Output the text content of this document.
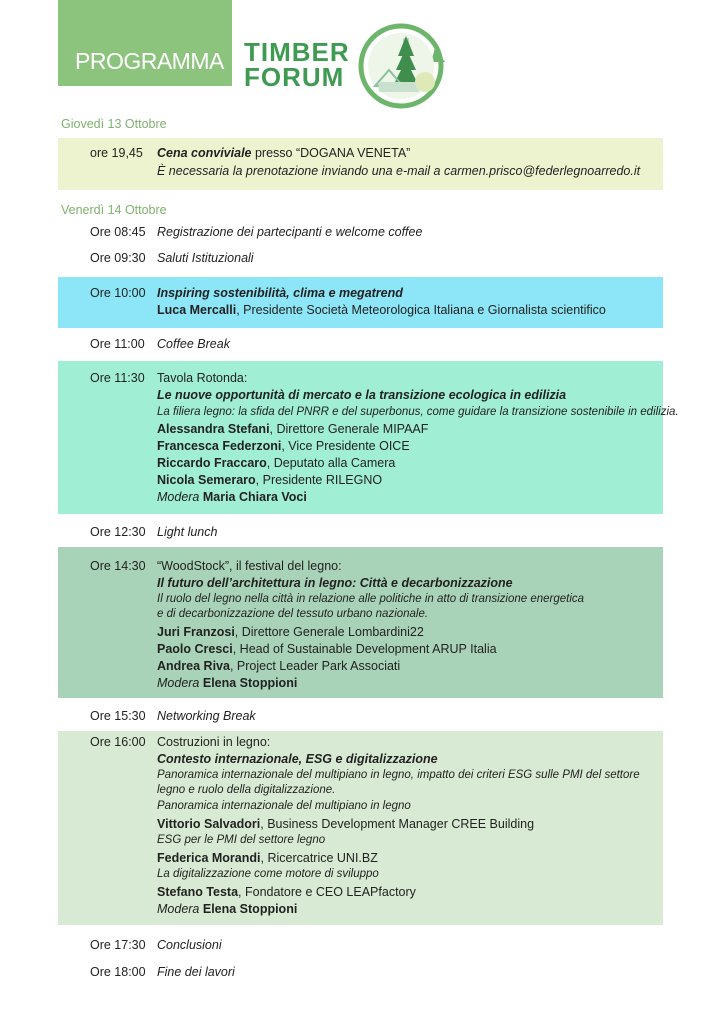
PROGRAMMA TIMBER
FORUM
Giovedì 13 Ottobre
ore 19,45 Cena conviviale presso “DOGANA VENETA”
È necessaria la prenotazione inviando una e-mail a carmen.prisco@federlegnoarredo.it
Venerdì 14 Ottobre
Ore 08:45 Registrazione dei partecipanti e welcome coffee
Ore 09:30 Saluti Istituzionali
Ore 10:00 Inspiring sostenibilità, clima e megatrend
Luca Mercalli, Presidente Società Meteorologica Italiana e Giornalista scientifico
Ore 11:00 Coffee Break
Ore 11:30 Tavola Rotonda:
Le nuove opportunità di mercato e la transizione ecologica in edilizia
La filiera legno: la sfida del PNRR e del superbonus, come guidare la transizione sostenibile in edilizia.
Alessandra Stefani, Direttore Generale MIPAAF
Francesca Federzoni, Vice Presidente OICE
Riccardo Fraccaro, Deputato alla Camera
Nicola Semeraro, Presidente RILEGNO
Modera Maria Chiara Voci
Ore 12:30 Light lunch
Ore 14:30 “WoodStock”, il festival del legno:
Il futuro dell’architettura in legno: Città e decarbonizzazione
Il ruolo del legno nella città in relazione alle politiche in atto di transizione energetica
e di decarbonizzazione del tessuto urbano nazionale.
Juri Franzosi, Direttore Generale Lombardini22
Paolo Cresci, Head of Sustainable Development ARUP Italia
Andrea Riva, Project Leader Park Associati
Modera Elena Stoppioni
Ore 15:30 Networking Break
Ore 16:00 Costruzioni in legno:
Contesto internazionale, ESG e digitalizzazione
Panoramica internazionale del multipiano in legno, impatto dei criteri ESG sulle PMI del settore
legno e ruolo della digitalizzazione.
Panoramica internazionale del multipiano in legno
Vittorio Salvadori, Business Development Manager CREE Building
ESG per le PMI del settore legno
Federica Morandi, Ricercatrice UNI.BZ
La digitalizzazione come motore di sviluppo
Stefano Testa, Fondatore e CEO LEAPfactory
Modera Elena Stoppioni
Ore 17:30 Conclusioni
Ore 18:00 Fine dei lavori
